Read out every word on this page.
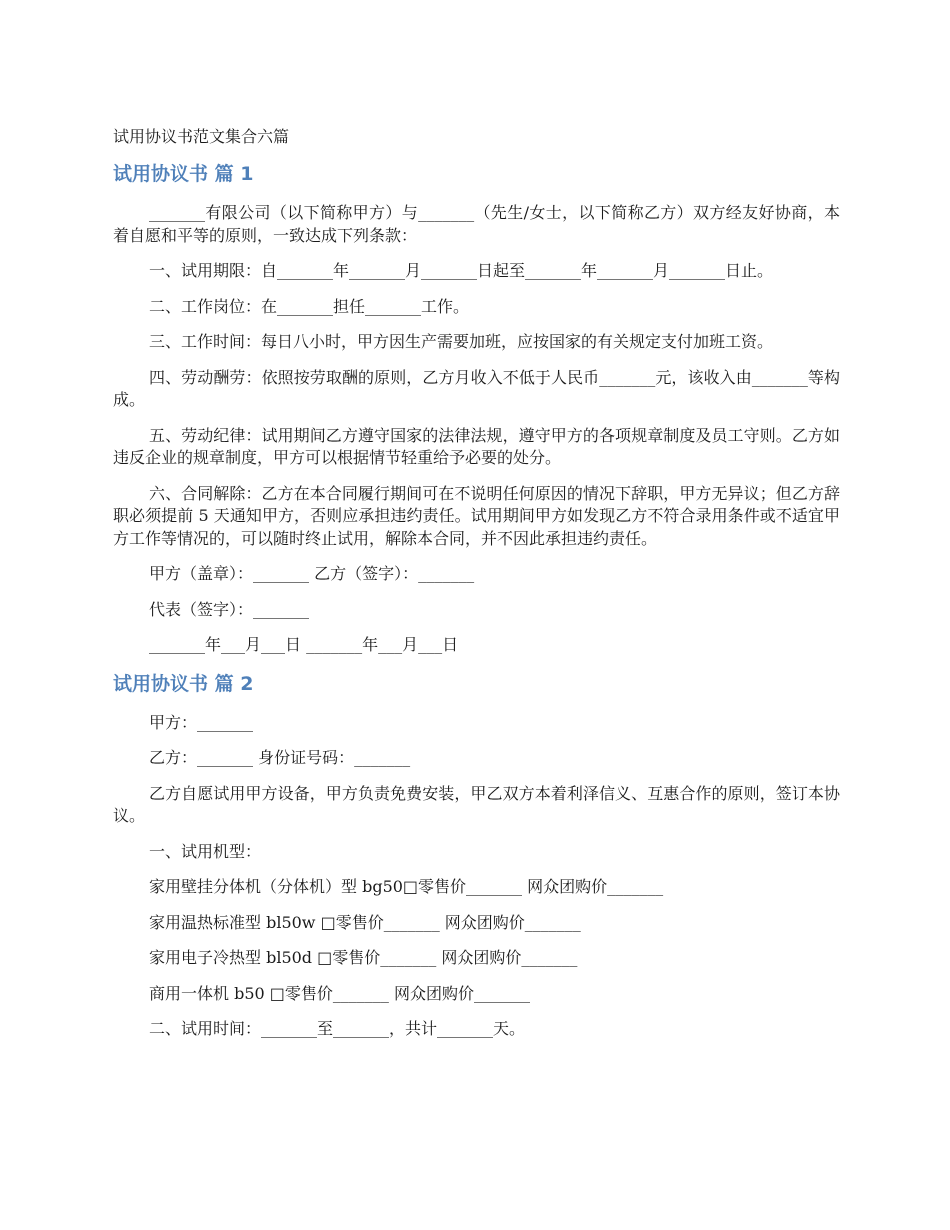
试用协议书范文集合六篇
试用协议书 篇 1

_______有限公司（以下简称甲方）与_______（先生/女士，以下简称乙方）双方经友好协商，本着自愿和平等的原则，一致达成下列条款：

一、试用期限：自_______年_______月_______日起至_______年_______月_______日止。

二、工作岗位：在_______担任_______工作。

三、工作时间：每日八小时，甲方因生产需要加班，应按国家的有关规定支付加班工资。

四、劳动酬劳：依照按劳取酬的原则，乙方月收入不低于人民币_______元，该收入由_______等构成。

五、劳动纪律：试用期间乙方遵守国家的法律法规，遵守甲方的各项规章制度及员工守则。乙方如违反企业的规章制度，甲方可以根据情节轻重给予必要的处分。

六、合同解除：乙方在本合同履行期间可在不说明任何原因的情况下辞职，甲方无异议；但乙方辞职必须提前 5 天通知甲方，否则应承担违约责任。试用期间甲方如发现乙方不符合录用条件或不适宜甲方工作等情况的，可以随时终止试用，解除本合同，并不因此承担违约责任。

甲方（盖章）：_______ 乙方（签字）：_______

代表（签字）：_______

_______年___月___日 _______年___月___日

试用协议书 篇 2

甲方：_______

乙方：_______ 身份证号码：_______

乙方自愿试用甲方设备，甲方负责免费安装，甲乙双方本着利泽信义、互惠合作的原则，签订本协议。

一、试用机型：

家用壁挂分体机（分体机）型 bg50□零售价_______ 网众团购价_______

家用温热标准型 bl50w □零售价_______ 网众团购价_______

家用电子冷热型 bl50d □零售价_______ 网众团购价_______

商用一体机 b50 □零售价_______ 网众团购价_______

二、试用时间：_______至_______，共计_______天。
